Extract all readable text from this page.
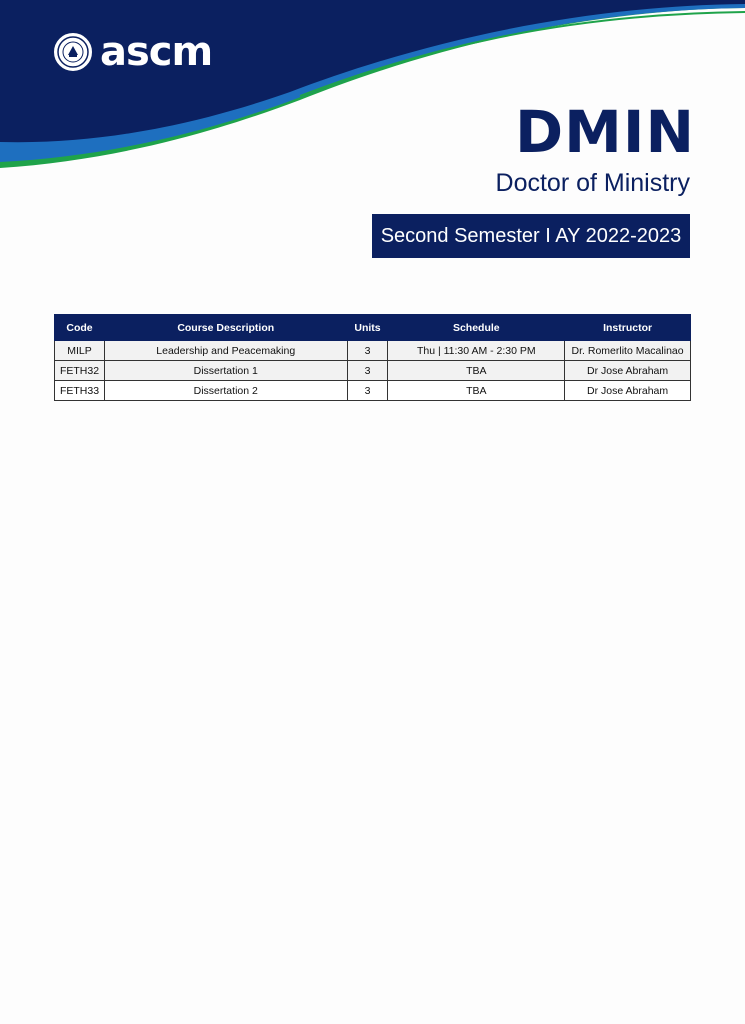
ascm
DMIN
Doctor of Ministry
Second Semester I AY 2022-2023
Code	Course Description	Units	Schedule	Instructor
MILP	Leadership and Peacemaking	3	Thu | 11:30 AM - 2:30 PM	Dr. Romerlito Macalinao
FETH32	Dissertation 1	3	TBA	Dr Jose Abraham
FETH33	Dissertation 2	3	TBA	Dr Jose Abraham
